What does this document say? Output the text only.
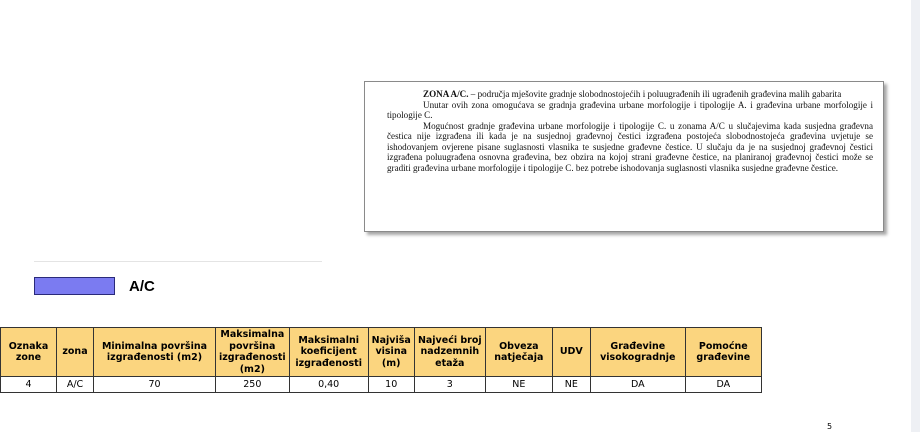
ZONA A/C. – područja mješovite gradnje slobodnostojećih i poluugrađenih ili ugrađenih građevina malih gabarita

Unutar ovih zona omogućava se gradnja građevina urbane morfologije i tipologije A. i građevina urbane morfologije i tipologije C.

Mogućnost gradnje građevina urbane morfologije i tipologije C. u zonama A/C u slučajevima kada susjedna građevna čestica nije izgrađena ili kada je na susjednoj građevnoj čestici izgrađena postojeća slobodnostojeća građevina uvjetuje se ishodovanjem ovjerene pisane suglasnosti vlasnika te susjedne građevne čestice. U slučaju da je na susjednoj građevnoj čestici izgrađena poluugrađena osnovna građevina, bez obzira na kojoj strani građevne čestice, na planiranoj građevnoj čestici može se graditi građevina urbane morfologije i tipologije C. bez potrebe ishodovanja suglasnosti vlasnika susjedne građevne čestice.

A/C
Oznaka zone	zona	Minimalna površina izgrađenosti (m2)	Maksimalna površina izgrađenosti (m2)	Maksimalni koeficijent izgrađenosti	Najviša visina (m)	Najveći broj nadzemnih etaža	Obveza natječaja	UDV	Građevine visokogradnje	Pomoćne građevine
4	A/C	70	250	0,40	10	3	NE	NE	DA	DA
5
